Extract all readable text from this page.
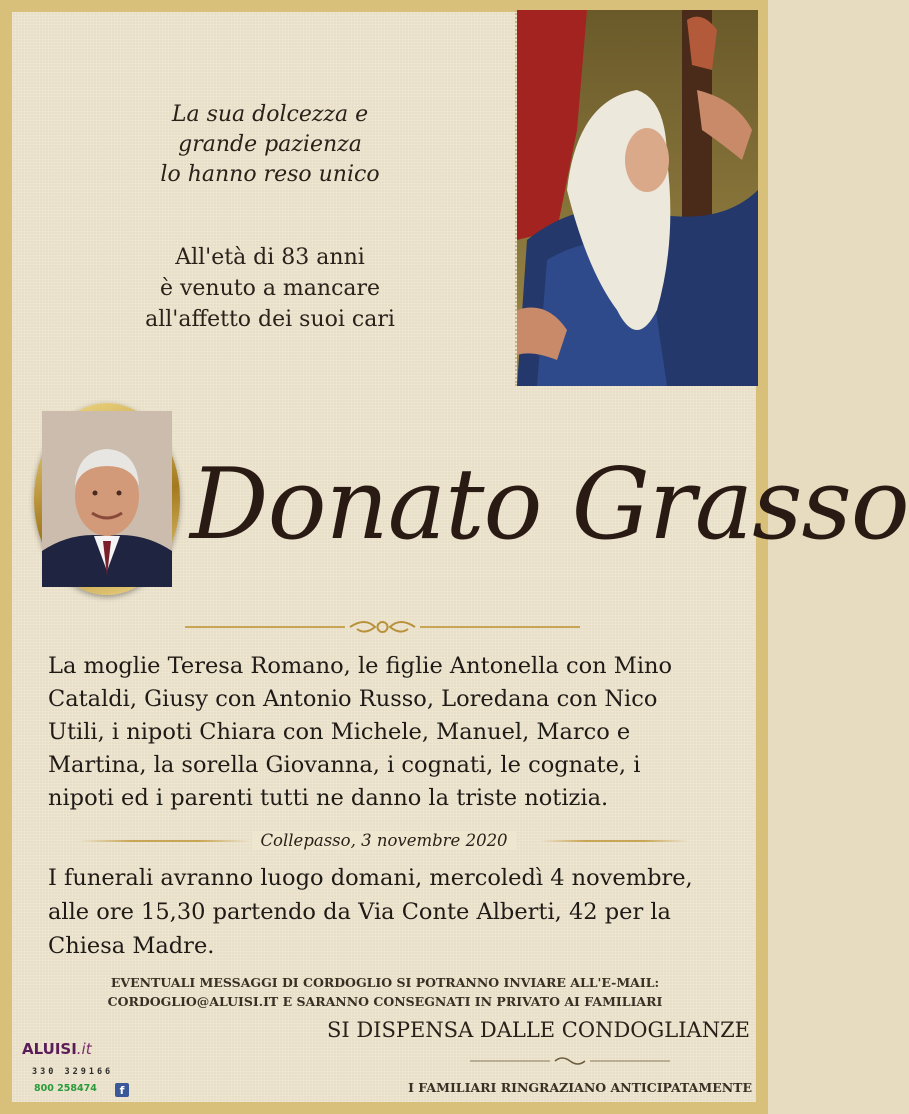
La sua dolcezza e
grande pazienza
lo hanno reso unico
All'età di 83 anni
è venuto a mancare
all'affetto dei suoi cari
Donato Grasso
La moglie Teresa Romano, le figlie Antonella con Mino
Cataldi, Giusy con Antonio Russo, Loredana con Nico
Utili, i nipoti Chiara con Michele, Manuel, Marco e
Martina, la sorella Giovanna, i cognati, le cognate, i
nipoti ed i parenti tutti ne danno la triste notizia.
Collepasso, 3 novembre 2020
I funerali avranno luogo domani, mercoledì 4 novembre,
alle ore 15,30 partendo da Via Conte Alberti, 42 per la
Chiesa Madre.
EVENTUALI MESSAGGI DI CORDOGLIO SI POTRANNO INVIARE ALL'E-MAIL:
CORDOGLIO@ALUISI.IT E SARANNO CONSEGNATI IN PRIVATO AI FAMILIARI
SI DISPENSA DALLE CONDOGLIANZE
I FAMILIARI RINGRAZIANO ANTICIPATAMENTE
ALUISI.it
330 329166
800 258474	f
